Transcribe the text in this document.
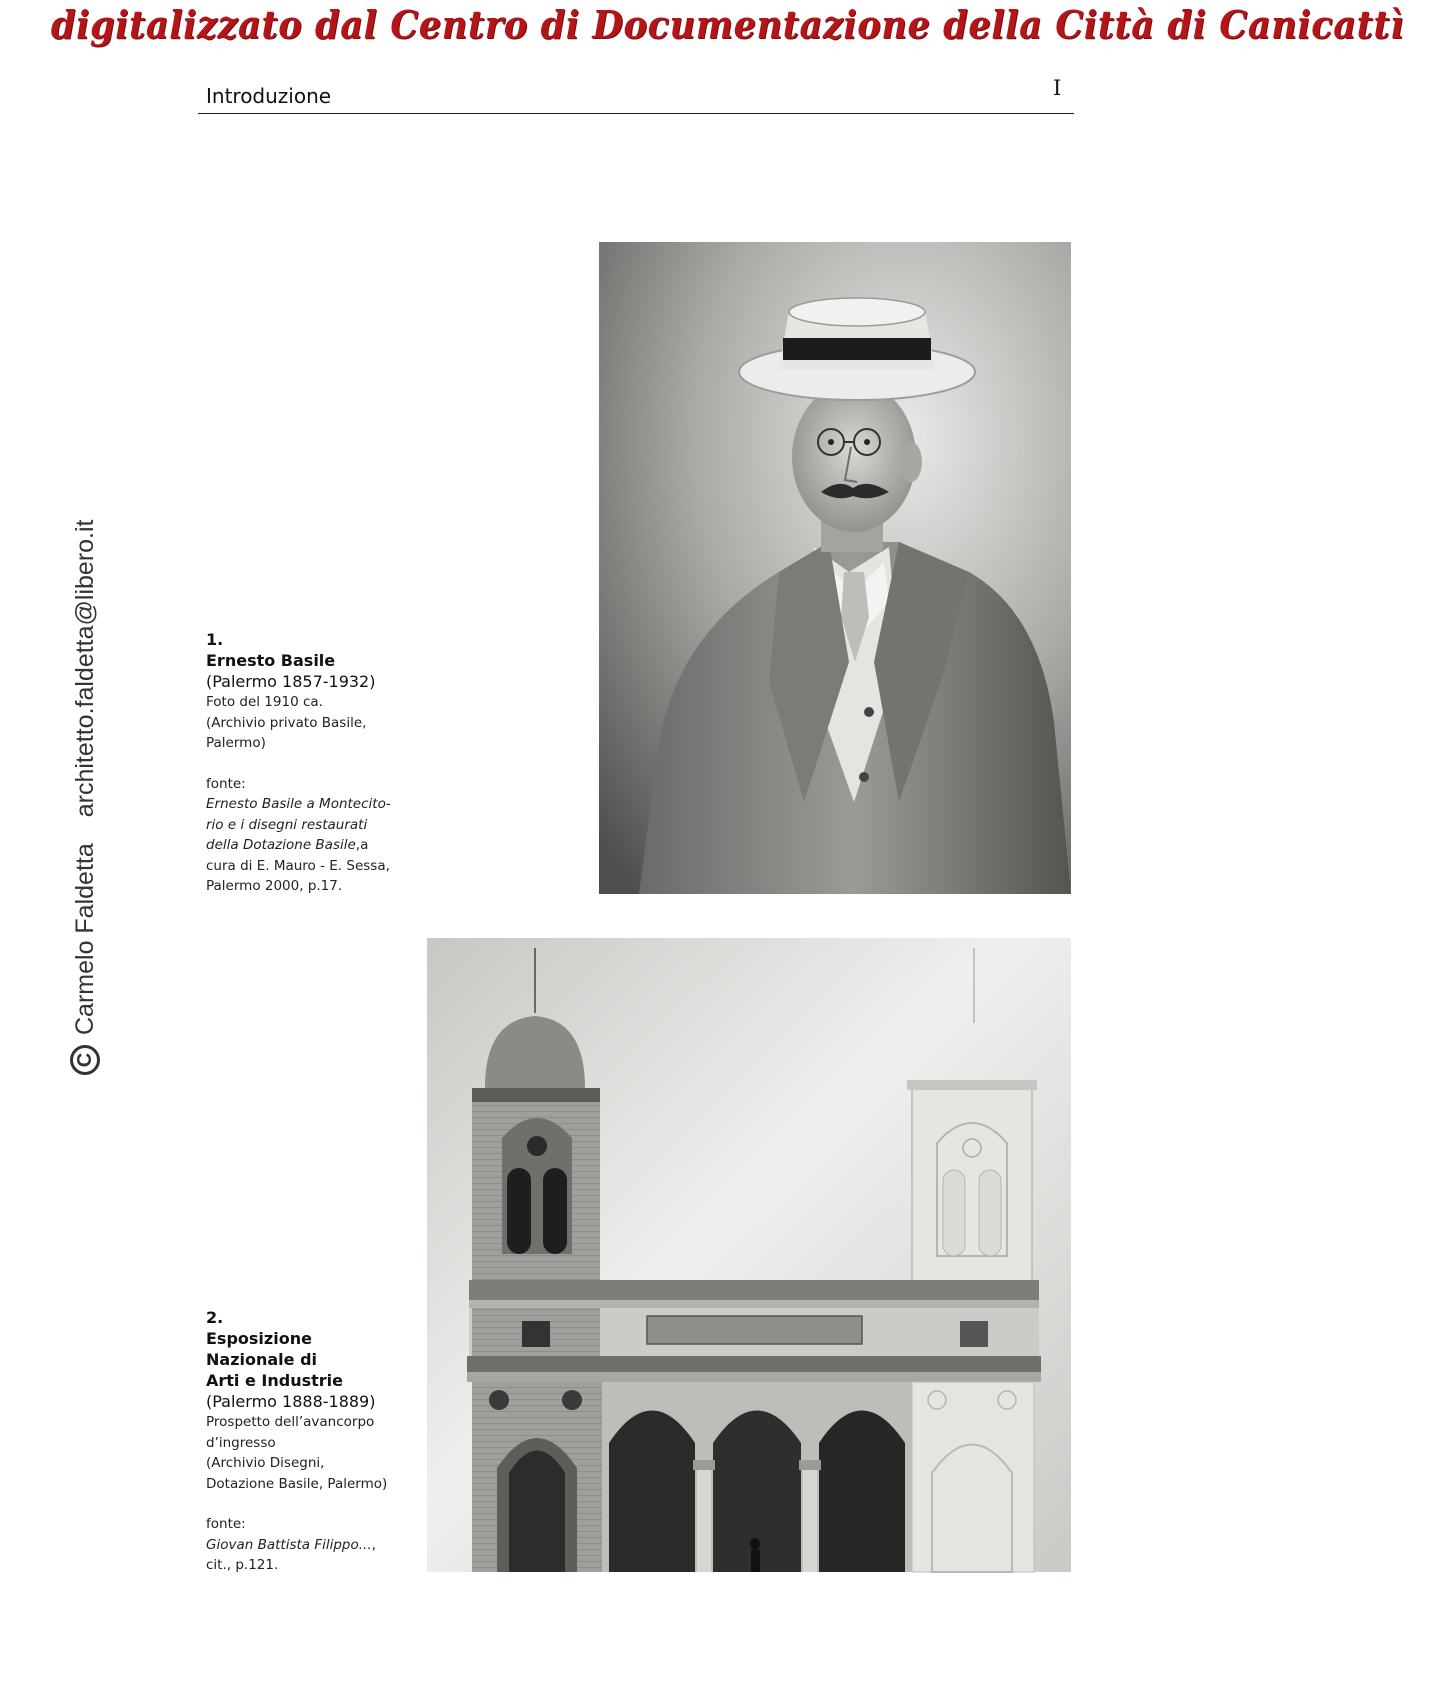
digitalizzato dal Centro di Documentazione della Città di Canicattì
Introduzione	I
C
Carmelo Faldetta
architetto.faldetta@libero.it	1.
Ernesto Basile
(Palermo 1857-1932)
Foto del 1910 ca.
(Archivio privato Basile,
Palermo)
fonte:
Ernesto Basile a Montecito-
rio e i disegni restaurati
della Dotazione Basile,a
cura di E. Mauro - E. Sessa,
Palermo 2000, p.17.
2.
Esposizione
Nazionale di
Arti e Industrie
(Palermo 1888-1889)
Prospetto dell’avancorpo
d’ingresso
(Archivio Disegni,
Dotazione Basile, Palermo)
fonte:
Giovan Battista Filippo...,
cit., p.121.
